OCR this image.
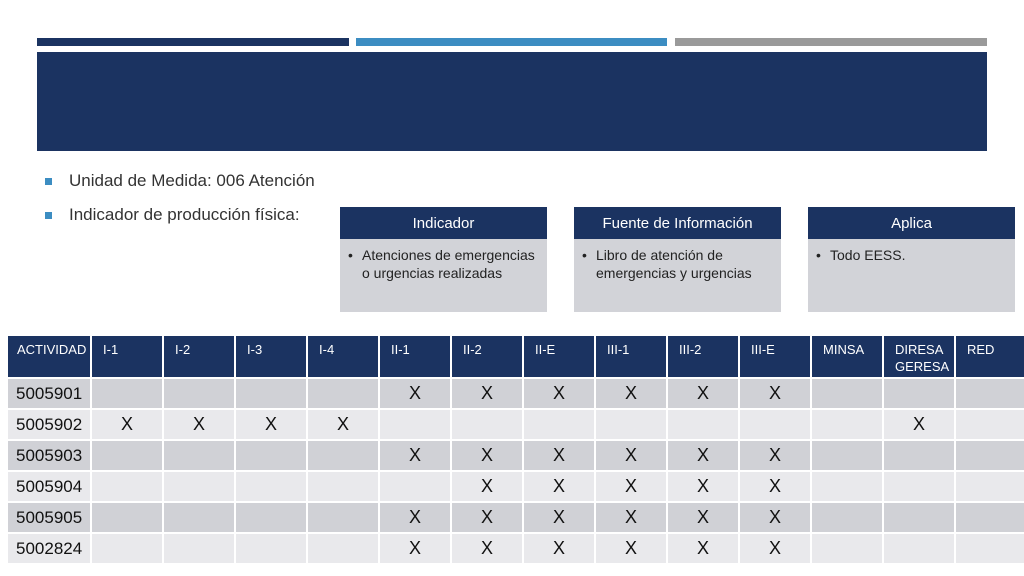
Unidad de Medida: 006 Atención
Indicador de producción física:	Indicador
• Atenciones de emergencias o urgencias realizadas
Fuente de Información
• Libro de atención de emergencias y urgencias
Aplica
• Todo EESS.
ACTIVIDAD	I-1	I-2	I-3	I-4	II-1	II-2	II-E	III-1	III-2	III-E	MINSA	DIRESA GERESA	RED
5005901					X	X	X	X	X	X			
5005902	X	X	X	X								X	
5005903					X	X	X	X	X	X			
5005904						X	X	X	X	X			
5005905					X	X	X	X	X	X			
5002824					X	X	X	X	X	X			
